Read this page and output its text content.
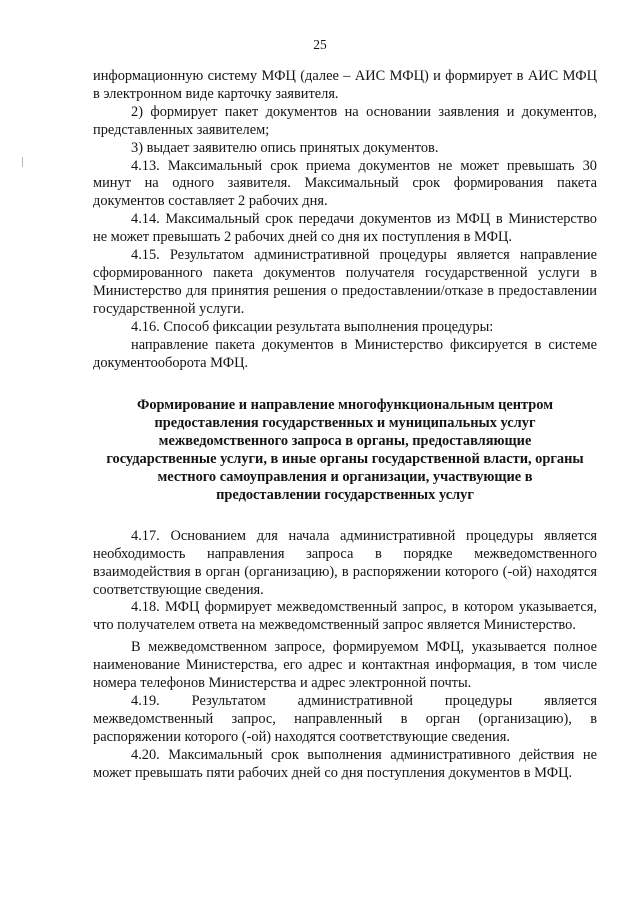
25

информационную систему МФЦ (далее – АИС МФЦ) и формирует в АИС МФЦ в электронном виде карточку заявителя.

2) формирует пакет документов на основании заявления и документов, представленных заявителем;

3) выдает заявителю опись принятых документов.

4.13. Максимальный срок приема документов не может превышать 30 минут на одного заявителя. Максимальный срок формирования пакета документов составляет 2 рабочих дня.

4.14. Максимальный срок передачи документов из МФЦ в Министерство не может превышать 2 рабочих дней со дня их поступления в МФЦ.

4.15. Результатом административной процедуры является направление сформированного пакета документов получателя государственной услуги в Министерство для принятия решения о предоставлении/отказе в предоставлении государственной услуги.

4.16. Способ фиксации результата выполнения процедуры:

направление пакета документов в Министерство фиксируется в системе документооборота МФЦ.

Формирование и направление многофункциональным центром
предоставления государственных и муниципальных услуг
межведомственного запроса в органы, предоставляющие
государственные услуги, в иные органы государственной власти, органы
местного самоуправления и организации, участвующие в
предоставлении государственных услуг

4.17. Основанием для начала административной процедуры является необходимость направления запроса в порядке межведомственного взаимодействия в орган (организацию), в распоряжении которого (-ой) находятся соответствующие сведения.

4.18. МФЦ формирует межведомственный запрос, в котором указывается, что получателем ответа на межведомственный запрос является Министерство.

В межведомственном запросе, формируемом МФЦ, указывается полное наименование Министерства, его адрес и контактная информация, в том числе номера телефонов Министерства и адрес электронной почты.

4.19. Результатом административной процедуры является межведомственный запрос, направленный в орган (организацию), в распоряжении которого (-ой) находятся соответствующие сведения.

4.20. Максимальный срок выполнения административного действия не может превышать пяти рабочих дней со дня поступления документов в МФЦ.
